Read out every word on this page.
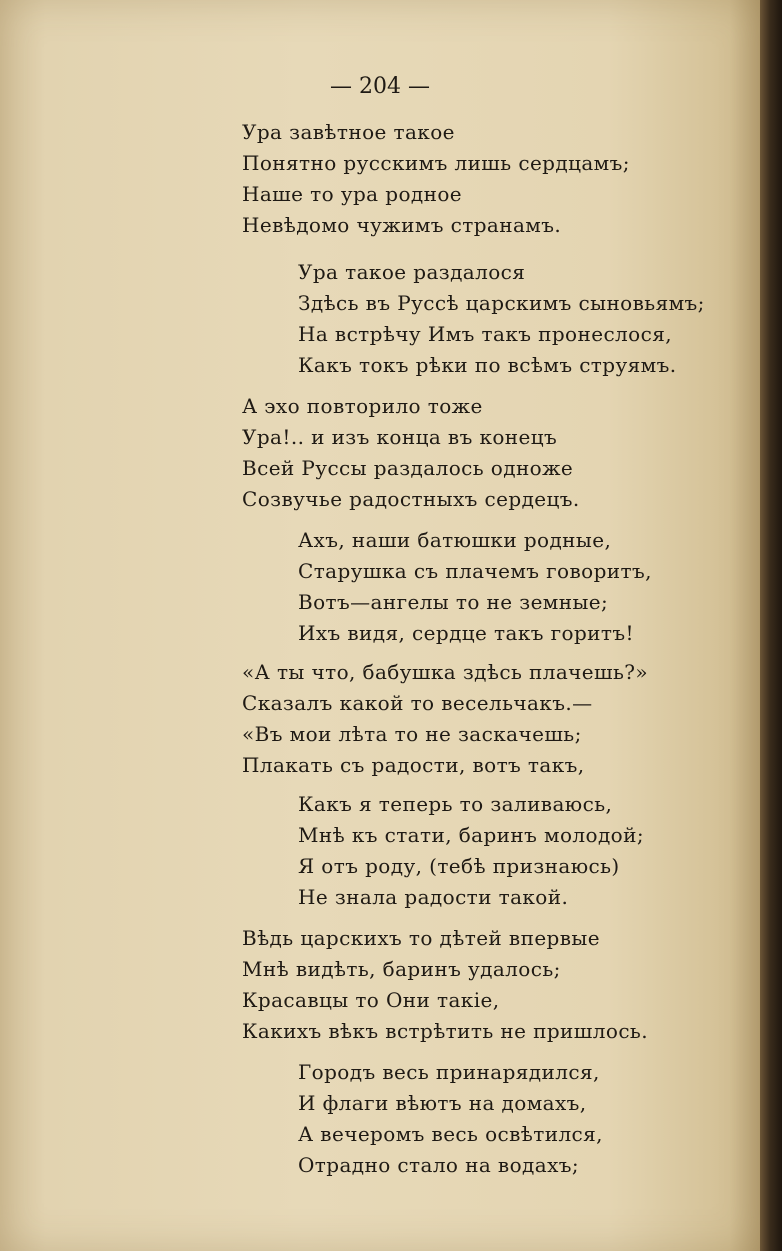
— 204 —
Ура завѣтное такое
Понятно русскимъ лишь сердцамъ;
Наше то ура родное
Невѣдомо чужимъ странамъ.
Ура такое раздалося
Здѣсь въ Руссѣ царскимъ сыновьямъ;
На встрѣчу Имъ такъ пронеслося,
Какъ токъ рѣки по всѣмъ струямъ.
А эхо повторило тоже
Ура!.. и изъ конца въ конецъ
Всей Руссы раздалось одноже
Созвучье радостныхъ сердецъ.
Ахъ, наши батюшки родные,
Старушка съ плачемъ говоритъ,
Вотъ—ангелы то не земные;
Ихъ видя, сердце такъ горитъ!
«А ты что, бабушка здѣсь плачешь?»
Сказалъ какой то весельчакъ.—
«Въ мои лѣта то не заскачешь;
Плакать съ радости, вотъ такъ,
Какъ я теперь то заливаюсь,
Мнѣ къ стати, баринъ молодой;
Я отъ роду, (тебѣ признаюсь)
Не знала радости такой.
Вѣдь царскихъ то дѣтей впервые
Мнѣ видѣть, баринъ удалось;
Красавцы то Они такіе,
Какихъ вѣкъ встрѣтить не пришлось.
Городъ весь принарядился,
И флаги вѣютъ на домахъ,
А вечеромъ весь освѣтился,
Отрадно стало на водахъ;
